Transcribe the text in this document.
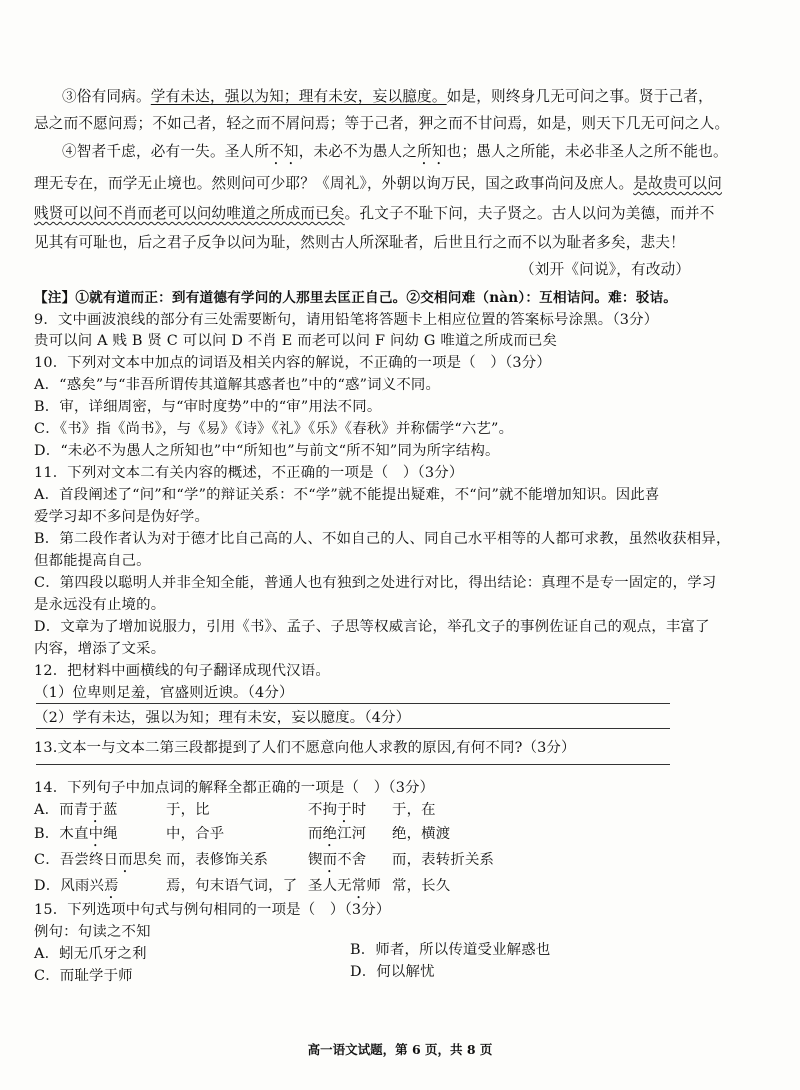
③俗有同病。学有未达，强以为知；理有未安，妄以臆度。如是，则终身几无可问之事。贤于己者，
忌之而不愿问焉；不如己者，轻之而不屑问焉；等于己者，狎之而不甘问焉，如是，则天下几无可问之人。
④智者千虑，必有一失。圣人所不知，未必不为愚人之所知也；愚人之所能，未必非圣人之所不能也。
理无专在，而学无止境也。然则问可少耶？《周礼》，外朝以询万民，国之政事尚问及庶人。是故贵可以问
贱贤可以问不肖而老可以问幼唯道之所成而已矣。孔文子不耻下问，夫子贤之。古人以问为美德，而并不
见其有可耻也，后之君子反争以问为耻，然则古人所深耻者，后世且行之而不以为耻者多矣，悲夫！
（刘开《问说》，有改动）
【注】①就有道而正：到有道德有学问的人那里去匡正自己。②交相问难（nàn）：互相诘问。难：驳诘。
9．文中画波浪线的部分有三处需要断句，请用铅笔将答题卡上相应位置的答案标号涂黑。（3分）
贵可以问 A 贱 B 贤 C 可以问 D 不肖 E 而老可以问 F 问幼 G 唯道之所成而已矣
10．下列对文本中加点的词语及相关内容的解说，不正确的一项是（　）（3分）
A．“惑矣”与“非吾所谓传其道解其惑者也”中的“惑”词义不同。
B．审，详细周密，与“审时度势”中的“审”用法不同。
C．《书》指《尚书》，与《易》《诗》《礼》《乐》《春秋》并称儒学“六艺”。
D．“未必不为愚人之所知也”中“所知也”与前文“所不知”同为所字结构。
11．下列对文本二有关内容的概述，不正确的一项是（　）（3分）
A．首段阐述了“问”和“学”的辩证关系：不“学”就不能提出疑难，不“问”就不能增加知识。因此喜
爱学习却不多问是伪好学。
B．第二段作者认为对于德才比自己高的人、不如自己的人、同自己水平相等的人都可求教，虽然收获相异，
但都能提高自己。
C．第四段以聪明人并非全知全能，普通人也有独到之处进行对比，得出结论：真理不是专一固定的，学习
是永远没有止境的。
D．文章为了增加说服力，引用《书》、孟子、子思等权威言论，举孔文子的事例佐证自己的观点，丰富了
内容，增添了文采。
12．把材料中画横线的句子翻译成现代汉语。
（1）位卑则足羞，官盛则近谀。（4分）
（2）学有未达，强以为知；理有未安，妄以臆度。（4分）
13.文本一与文本二第三段都提到了人们不愿意向他人求教的原因,有何不同?（3分）
14．下列句子中加点词的解释全都正确的一项是（　）（3分）
A．而青于蓝	于，比	不拘于时 于，在
B．木直中绳	中，合乎	而绝江河 绝，横渡
C．吾尝终日而思矣 而，表修饰关系	锲而不舍 而，表转折关系
D．风雨兴焉	焉，句末语气词，了 圣人无常师 常，长久
15．下列选项中句式与例句相同的一项是（　）（3分）
例句：句读之不知
A．蚓无爪牙之利	B．师者，所以传道受业解惑也
C．而耻学于师	D．何以解忧
高一语文试题，第 6 页，共 8 页
